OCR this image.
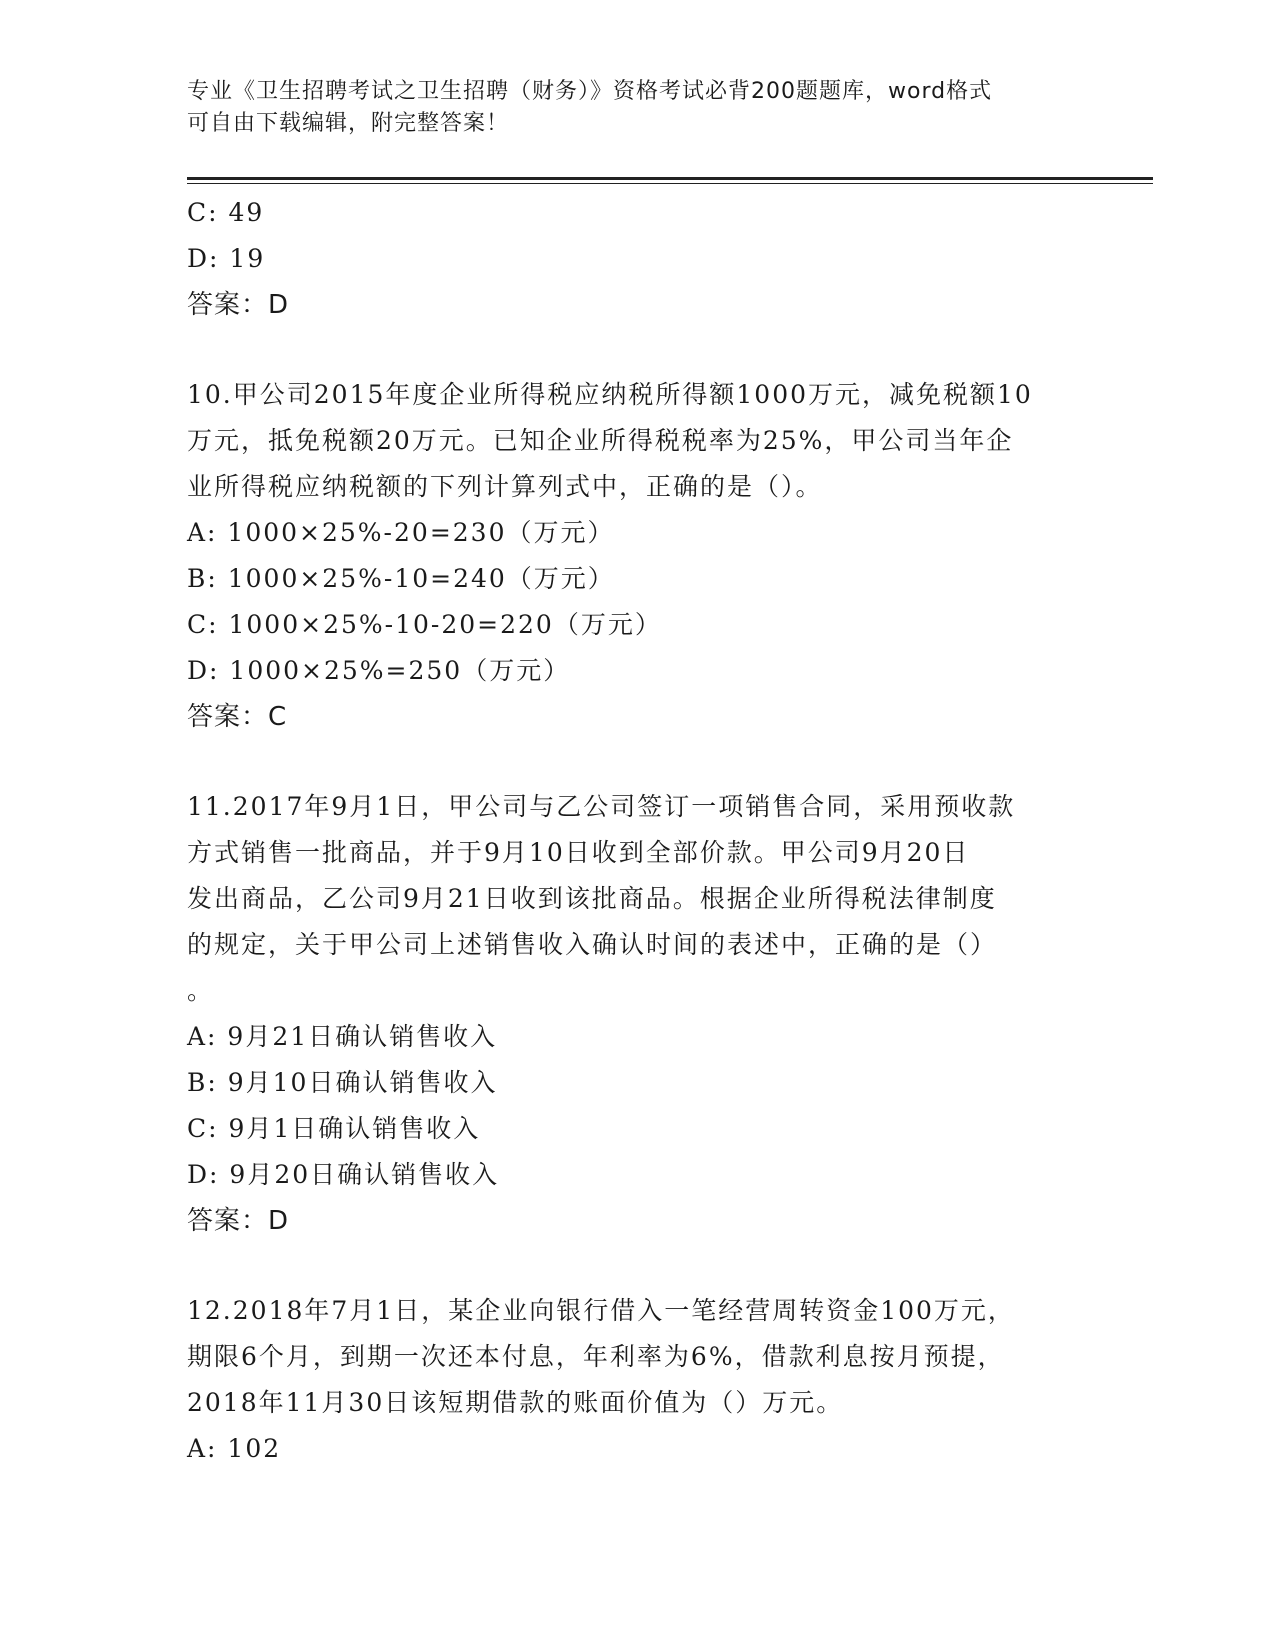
专业《卫生招聘考试之卫生招聘（财务）》资格考试必背200题题库，word格式
可自由下载编辑，附完整答案！
C: 49
D: 19
答案：D
10.甲公司2015年度企业所得税应纳税所得额1000万元，减免税额10
万元，抵免税额20万元。已知企业所得税税率为25%，甲公司当年企
业所得税应纳税额的下列计算列式中，正确的是（）。
A: 1000×25%-20=230（万元）
B: 1000×25%-10=240（万元）
C: 1000×25%-10-20=220（万元）
D: 1000×25%=250（万元）
答案：C
11.2017年9月1日，甲公司与乙公司签订一项销售合同，采用预收款
方式销售一批商品，并于9月10日收到全部价款。甲公司9月20日
发出商品，乙公司9月21日收到该批商品。根据企业所得税法律制度
的规定，关于甲公司上述销售收入确认时间的表述中，正确的是（）
。
A: 9月21日确认销售收入
B: 9月10日确认销售收入
C: 9月1日确认销售收入
D: 9月20日确认销售收入
答案：D
12.2018年7月1日，某企业向银行借入一笔经营周转资金100万元，
期限6个月，到期一次还本付息，年利率为6%，借款利息按月预提，
2018年11月30日该短期借款的账面价值为（）万元。
A: 102
